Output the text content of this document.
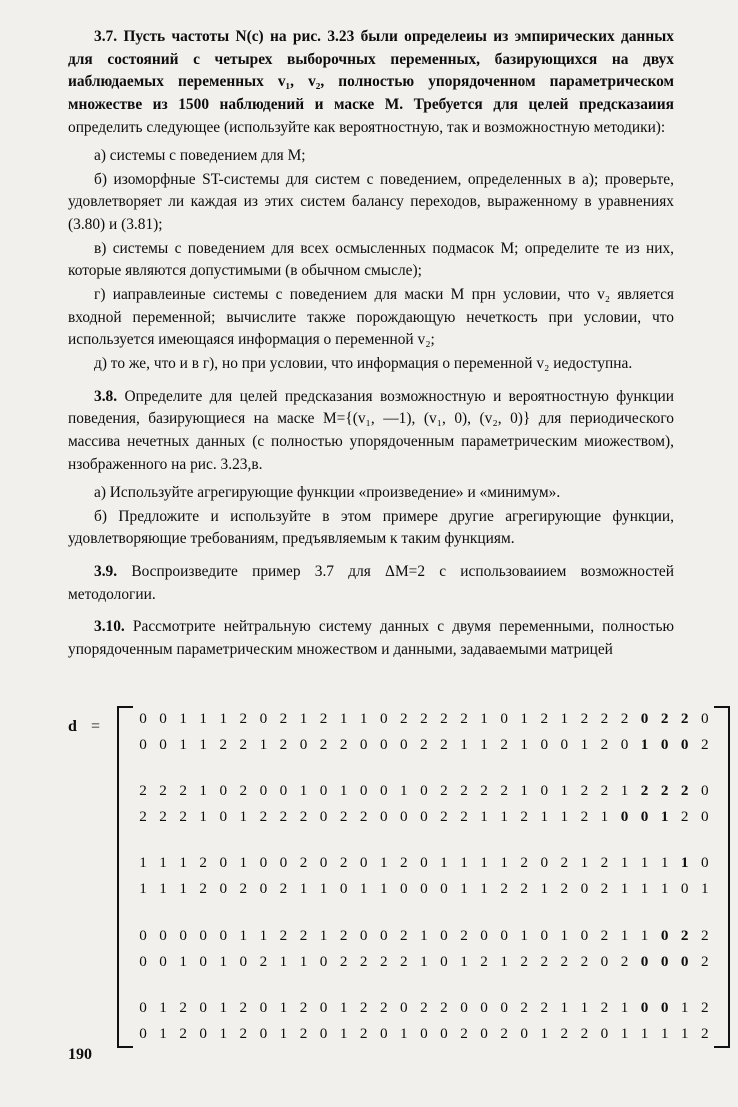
3.7. Пусть частоты N(c) на рис. 3.23 были определеиы из эмпирических данных для состояний с четырех выборочных переменных, базирующихся на двух иаблюдаемых переменных v₁, v₂, полностью упорядоченном параметрическом множестве из 1500 наблюдений и маске M. Требуется для целей предсказаиия определить следующее (используйте как вероятностную, так и возможностную методики):

а) системы с поведением для M;

б) изоморфные ST-системы для систем с поведением, определенных в а); проверьте, удовлетворяет ли каждая из этих систем балансу переходов, выраженному в уравнениях (3.80) и (3.81);

в) системы с поведением для всех осмысленных подмасок M; определите те из них, которые являются допустимыми (в обычном смысле);

г) иаправлеиные системы с поведением для маски M прн условии, что v₂ является входной переменной; вычислите также порождающую нечеткость при условии, что используется имеющаяся информация о переменной v₂;

д) то же, что и в г), но при условии, что информация о переменной v₂ иедоступна.

3.8. Определите для целей предсказания возможностную и вероятностную функции поведения, базирующиеся на маске M={(v₁, —1), (v₁, 0), (v₂, 0)} для периодического массива нечетных данных (с полностью упорядоченным параметрическим миожеством), нзображенного на рис. 3.23,в.

а) Используйте агрегирующие функции «произведение» и «минимум».

б) Предложите и используйте в этом примере другие агрегирующие функции, удовлетворяющие требованиям, предъявляемым к таким функциям.

3.9. Воспроизведите пример 3.7 для ΔM=2 с использоваиием возможностей методологии.

3.10. Рассмотрите нейтральную систему данных с двумя переменными, полностью упорядоченным параметрическим множеством и данными, задаваемыми матрицей

d =	0 0 1 1 1 2 0 2 1 2 1 1 0 2 2 2 2 1 0 1 2 1 2 2 2 0 2 2 0
0 0 1 1 2 2 1 2 0 2 2 0 0 0 2 2 1 1 2 1 0 0 1 2 0 1 0 0 2
2 2 2 1 0 2 0 0 1 0 1 0 0 1 0 2 2 2 2 1 0 1 2 2 1 2 2 2 0
2 2 2 1 0 1 2 2 2 0 2 2 0 0 0 2 2 1 1 2 1 1 2 1 0 0 1 2 0
1 1 1 2 0 1 0 0 2 0 2 0 1 2 0 1 1 1 1 2 0 2 1 2 1 1 1 1 0
1 1 1 2 0 2 0 2 1 1 0 1 1 0 0 0 1 1 2 2 1 2 0 2 1 1 1 0 1
0 0 0 0 0 1 1 2 2 1 2 0 0 2 1 0 2 0 0 1 0 1 0 2 1 1 0 2 2
0 0 1 0 1 0 2 1 1 0 2 2 2 2 1 0 1 2 1 2 2 2 2 0 2 0 0 0 2
0 1 2 0 1 2 0 1 2 0 1 2 2 0 2 2 0 0 0 2 2 1 1 2 1 0 0 1 2
0 1 2 0 1 2 0 1 2 0 1 2 0 1 0 0 2 0 2 0 1 2 2 0 1 1 1 1 2
190
